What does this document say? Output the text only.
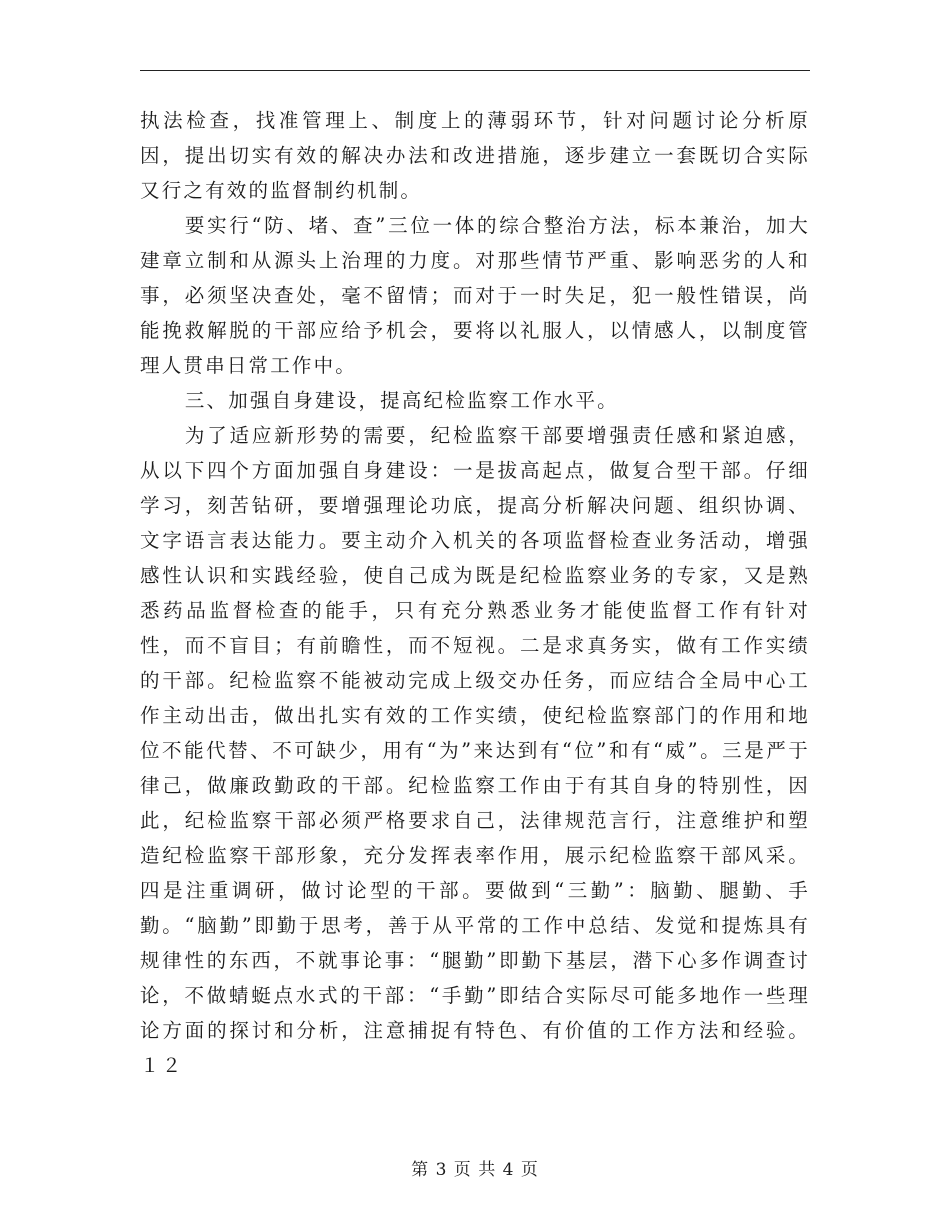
执法检查，找准管理上、制度上的薄弱环节，针对问题讨论分析原因，提出切实有效的解决办法和改进措施，逐步建立一套既切合实际又行之有效的监督制约机制。

要实行“防、堵、查”三位一体的综合整治方法，标本兼治，加大建章立制和从源头上治理的力度。对那些情节严重、影响恶劣的人和事，必须坚决查处，毫不留情；而对于一时失足，犯一般性错误，尚能挽救解脱的干部应给予机会，要将以礼服人，以情感人，以制度管理人贯串日常工作中。

三、加强自身建设，提高纪检监察工作水平。

为了适应新形势的需要，纪检监察干部要增强责任感和紧迫感，从以下四个方面加强自身建设：一是拔高起点，做复合型干部。仔细学习，刻苦钻研，要增强理论功底，提高分析解决问题、组织协调、文字语言表达能力。要主动介入机关的各项监督检查业务活动，增强感性认识和实践经验，使自己成为既是纪检监察业务的专家，又是熟悉药品监督检查的能手，只有充分熟悉业务才能使监督工作有针对性，而不盲目；有前瞻性，而不短视。二是求真务实，做有工作实绩的干部。纪检监察不能被动完成上级交办任务，而应结合全局中心工作主动出击，做出扎实有效的工作实绩，使纪检监察部门的作用和地位不能代替、不可缺少，用有“为”来达到有“位”和有“威”。三是严于律己，做廉政勤政的干部。纪检监察工作由于有其自身的特别性，因此，纪检监察干部必须严格要求自己，法律规范言行，注意维护和塑造纪检监察干部形象，充分发挥表率作用，展示纪检监察干部风采。四是注重调研，做讨论型的干部。要做到“三勤”：脑勤、腿勤、手勤。“脑勤”即勤于思考，善于从平常的工作中总结、发觉和提炼具有规律性的东西，不就事论事：“腿勤”即勤下基层，潜下心多作调查讨论，不做蜻蜓点水式的干部：“手勤”即结合实际尽可能多地作一些理论方面的探讨和分析，注意捕捉有特色、有价值的工作方法和经验。 １２

第 3 页 共 4 页
